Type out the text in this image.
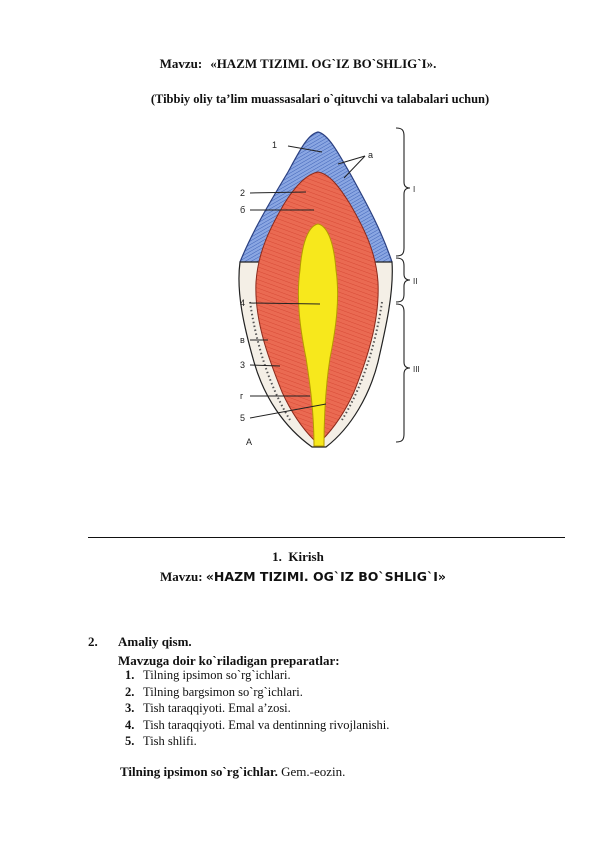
Mavzu: «HAZM TIZIMI. OG`IZ BO`SHLIG`I».
(Tibbiy oliy ta’lim muassasalari o`qituvchi va talabalari uchun)
1
a
2
б
4
в
3
г
5
A
I
II
III
1. Kirish
Mavzu: «HAZM TIZIMI. OG`IZ BO`SHLIG`I»
2. Amaliy qism.
Mavzuga doir ko`riladigan preparatlar:
1. Tilning ipsimon so`rg`ichlari.
2. Tilning bargsimon so`rg`ichlari.
3. Tish taraqqiyoti. Emal a’zosi.
4. Tish taraqqiyoti. Emal va dentinning rivojlanishi.
5. Tish shlifi.
Tilning ipsimon so`rg`ichlar. Gem.-eozin.
